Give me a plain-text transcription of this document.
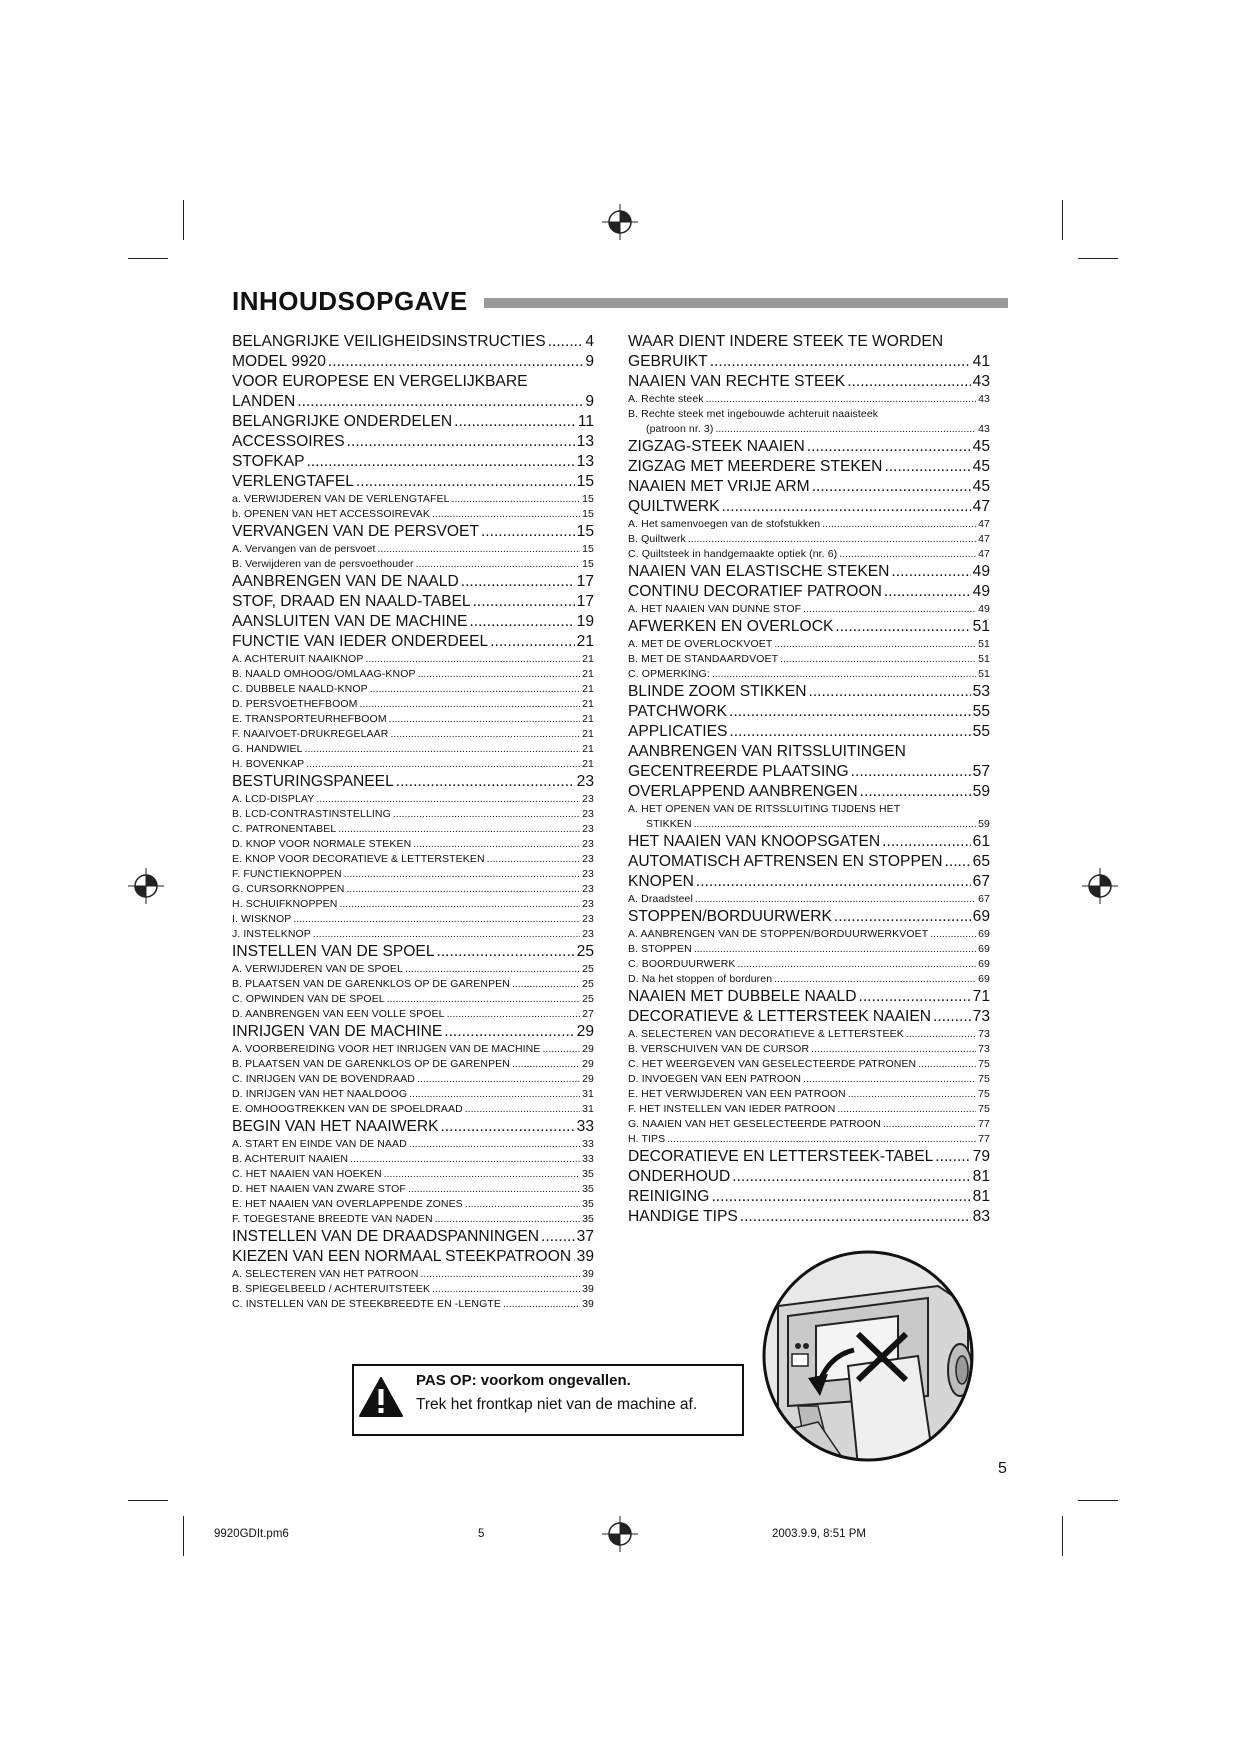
INHOUDSOPGAVE
BELANGRIJKE VEILIGHEIDSINSTRUCTIES .....	4
MODEL 9920 .....	9
VOOR EUROPESE EN VERGELIJKBARE
LANDEN .....	9
BELANGRIJKE ONDERDELEN .....	11
ACCESSOIRES .....	13
STOFKAP .....	13
VERLENGTAFEL .....	15
a. VERWIJDEREN VAN DE VERLENGTAFEL .....	15
b. OPENEN VAN HET ACCESSOIREVAK .....	15
VERVANGEN VAN DE PERSVOET .....	15
A. Vervangen van de persvoet .....	15
B. Verwijderen van de persvoethouder .....	15
AANBRENGEN VAN DE NAALD .....	17
STOF, DRAAD EN NAALD-TABEL .....	17
AANSLUITEN VAN DE MACHINE .....	19
FUNCTIE VAN IEDER ONDERDEEL .....	21
A. ACHTERUIT NAAIKNOP .....	21
B. NAALD OMHOOG/OMLAAG-KNOP .....	21
C. DUBBELE NAALD-KNOP .....	21
D. PERSVOETHEFBOOM .....	21
E. TRANSPORTEURHEFBOOM .....	21
F. NAAIVOET-DRUKREGELAAR .....	21
G. HANDWIEL .....	21
H. BOVENKAP .....	21
BESTURINGSPANEEL .....	23
A. LCD-DISPLAY .....	23
B. LCD-CONTRASTINSTELLING .....	23
C. PATRONENTABEL .....	23
D. KNOP VOOR NORMALE STEKEN .....	23
E. KNOP VOOR DECORATIEVE & LETTERSTEKEN .....	23
F. FUNCTIEKNOPPEN .....	23
G. CURSORKNOPPEN .....	23
H. SCHUIFKNOPPEN .....	23
I. WISKNOP .....	23
J. INSTELKNOP .....	23
INSTELLEN VAN DE SPOEL .....	25
A. VERWIJDEREN VAN DE SPOEL .....	25
B. PLAATSEN VAN DE GARENKLOS OP DE GARENPEN .....	25
C. OPWINDEN VAN DE SPOEL .....	25
D. AANBRENGEN VAN EEN VOLLE SPOEL .....	27
INRIJGEN VAN DE MACHINE .....	29
A. VOORBEREIDING VOOR HET INRIJGEN VAN DE MACHINE .....	29
B. PLAATSEN VAN DE GARENKLOS OP DE GARENPEN .....	29
C. INRIJGEN VAN DE BOVENDRAAD .....	29
D. INRIJGEN VAN HET NAALDOOG .....	31
E. OMHOOGTREKKEN VAN DE SPOELDRAAD .....	31
BEGIN VAN HET NAAIWERK .....	33
A. START EN EINDE VAN DE NAAD .....	33
B. ACHTERUIT NAAIEN .....	33
C. HET NAAIEN VAN HOEKEN .....	35
D. HET NAAIEN VAN ZWARE STOF .....	35
E. HET NAAIEN VAN OVERLAPPENDE ZONES .....	35
F. TOEGESTANE BREEDTE VAN NADEN .....	35
INSTELLEN VAN DE DRAADSPANNINGEN ..... 37
KIEZEN VAN EEN NORMAAL STEEKPATROON ..... 39
A. SELECTEREN VAN HET PATROON .....	39
B. SPIEGELBEELD / ACHTERUITSTEEK .....	39
C. INSTELLEN VAN DE STEEKBREEDTE EN -LENGTE .....	39
WAAR DIENT INDERE STEEK TE WORDEN
GEBRUIKT .....	41
NAAIEN VAN RECHTE STEEK .....	43
A. Rechte steek .....	43
B. Rechte steek met ingebouwde achteruit naaisteek
(patroon nr. 3) .....	43
ZIGZAG-STEEK NAAIEN .....	45
ZIGZAG MET MEERDERE STEKEN .....	45
NAAIEN MET VRIJE ARM .....	45
QUILTWERK .....	47
A. Het samenvoegen van de stofstukken .....	47
B. Quiltwerk .....	47
C. Quiltsteek in handgemaakte optiek (nr. 6) .....	47
NAAIEN VAN ELASTISCHE STEKEN .....	49
CONTINU DECORATIEF PATROON .....	49
A. HET NAAIEN VAN DUNNE STOF .....	49
AFWERKEN EN OVERLOCK .....	51
A. MET DE OVERLOCKVOET .....	51
B. MET DE STANDAARDVOET .....	51
C. OPMERKING: .....	51
BLINDE ZOOM STIKKEN .....	53
PATCHWORK .....	55
APPLICATIES .....	55
AANBRENGEN VAN RITSSLUITINGEN
GECENTREERDE PLAATSING .....	57
OVERLAPPEND AANBRENGEN .....	59
A. HET OPENEN VAN DE RITSSLUITING TIJDENS HET
STIKKEN .....	59
HET NAAIEN VAN KNOOPSGATEN .....	61
AUTOMATISCH AFTRENSEN EN STOPPEN ..... 65
KNOPEN .....	67
A. Draadsteel .....	67
STOPPEN/BORDUURWERK .....	69
A. AANBRENGEN VAN DE STOPPEN/BORDUURWERKVOET .....	69
B. STOPPEN .....	69
C. BOORDUURWERK .....	69
D. Na het stoppen of borduren .....	69
NAAIEN MET DUBBELE NAALD .....	71
DECORATIEVE & LETTERSTEEK NAAIEN .....	73
A. SELECTEREN VAN DECORATIEVE & LETTERSTEEK .....	73
B. VERSCHUIVEN VAN DE CURSOR .....	73
C. HET WEERGEVEN VAN GESELECTEERDE PATRONEN .....	75
D. INVOEGEN VAN EEN PATROON .....	75
E. HET VERWIJDEREN VAN EEN PATROON .....	75
F. HET INSTELLEN VAN IEDER PATROON .....	75
G. NAAIEN VAN HET GESELECTEERDE PATROON .....	77
H. TIPS .....	77
DECORATIEVE EN LETTERSTEEK-TABEL .....	79
ONDERHOUD .....	81
REINIGING .....	81
HANDIGE TIPS .....	83
PAS OP: voorkom ongevallen.
Trek het frontkap niet van de machine af.
5
9920GDIt.pm6	5	2003.9.9, 8:51 PM
